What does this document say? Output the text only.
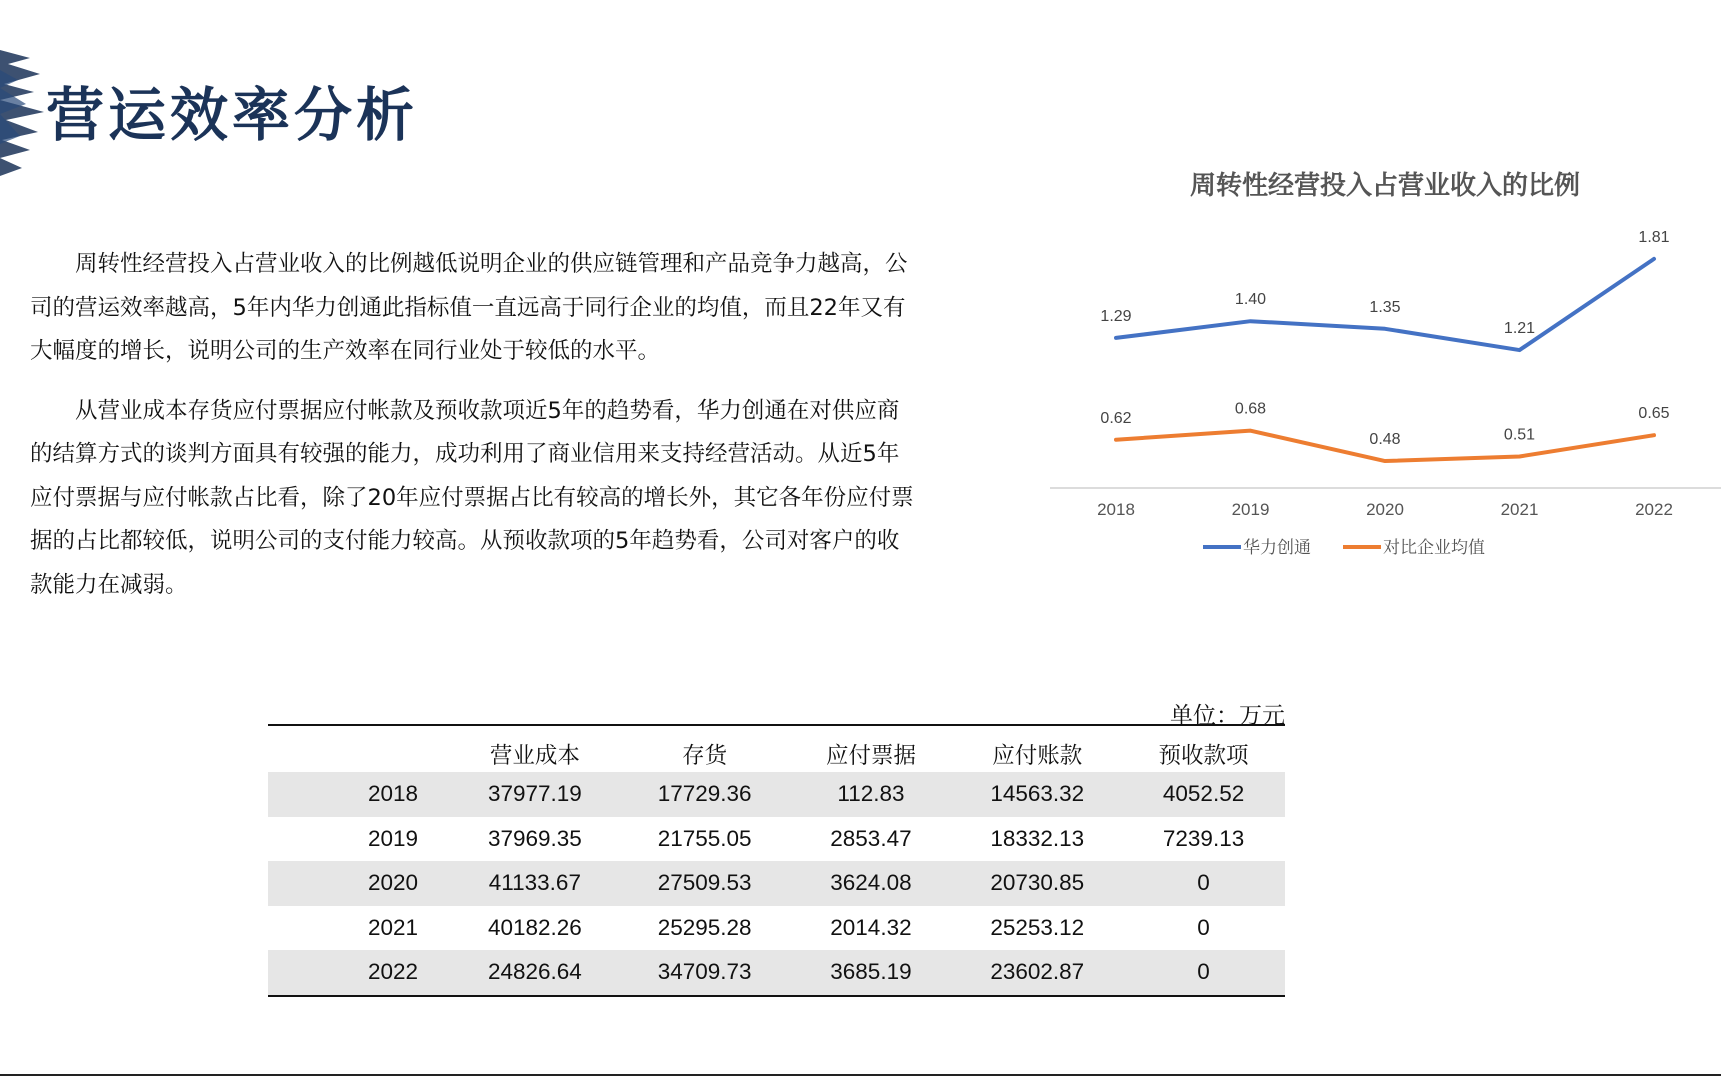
营运效率分析

周转性经营投入占营业收入的比例越低说明企业的供应链管理和产品竞争力越高，公司的营运效率越高，5年内华力创通此指标值一直远高于同行企业的均值，而且22年又有大幅度的增长，说明公司的生产效率在同行业处于较低的水平。

从营业成本存货应付票据应付帐款及预收款项近5年的趋势看，华力创通在对供应商的结算方式的谈判方面具有较强的能力，成功利用了商业信用来支持经营活动。从近5年应付票据与应付帐款占比看，除了20年应付票据占比有较高的增长外，其它各年份应付票据的占比都较低，说明公司的支付能力较高。从预收款项的5年趋势看，公司对客户的收款能力在减弱。

周转性经营投入占营业收入的比例
1.29
1.40	1.35
1.21
1.81
0.62
0.68
0.48	0.51
0.65
2018	2019	2020	2021	2022
华力创通	对比企业均值
单位：万元
	营业成本	存货	应付票据	应付账款	预收款项
2018	37977.19	17729.36	112.83	14563.32	4052.52
2019	37969.35	21755.05	2853.47	18332.13	7239.13
2020	41133.67	27509.53	3624.08	20730.85	0
2021	40182.26	25295.28	2014.32	25253.12	0
2022	24826.64	34709.73	3685.19	23602.87	0
